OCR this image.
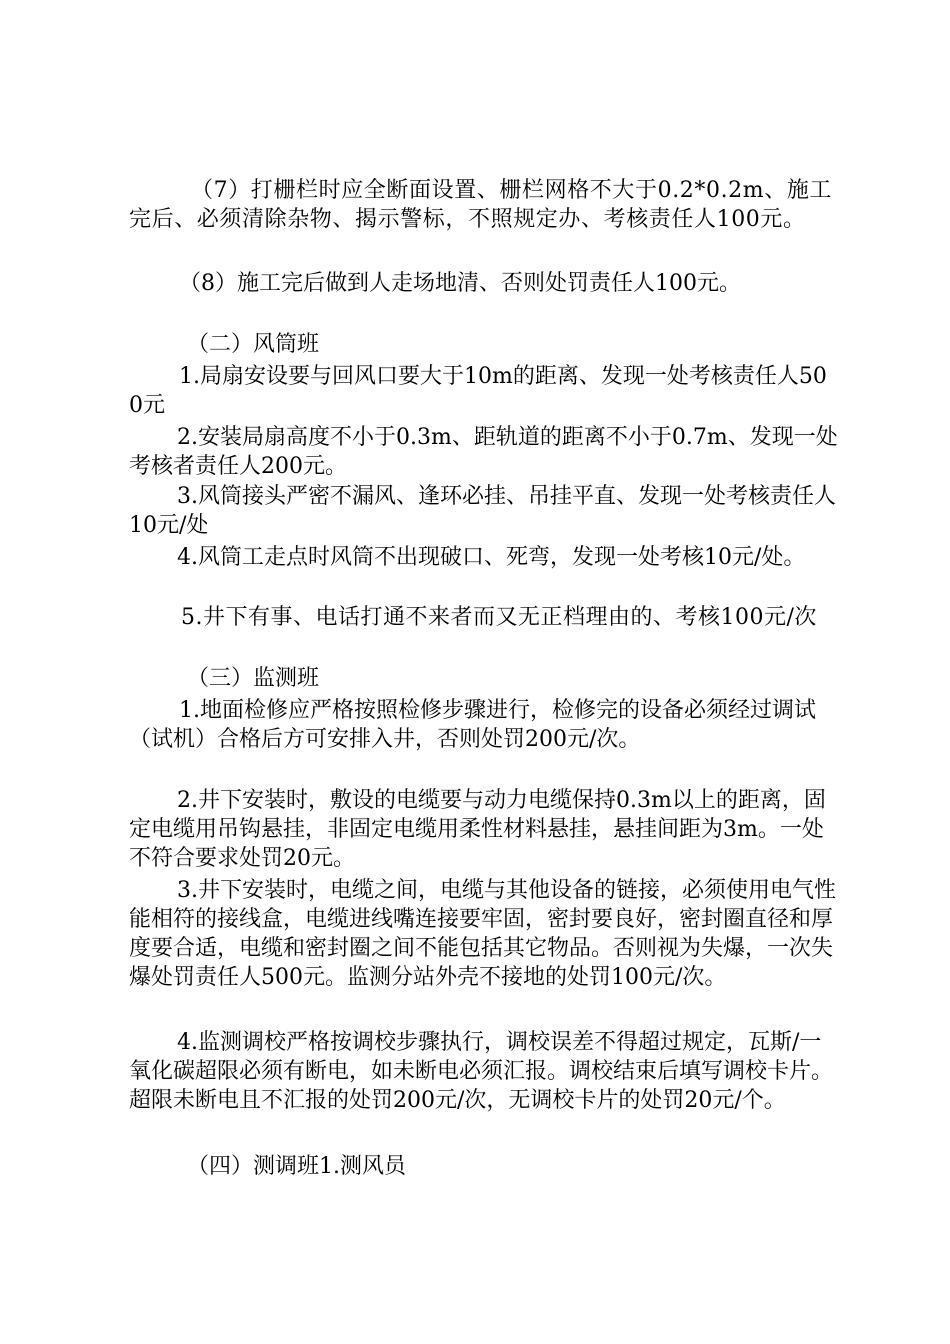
（7）打栅栏时应全断面设置、栅栏网格不大于0.2*0.2m、施工完后、必须清除杂物、揭示警标，不照规定办、考核责任人100元。

（8）施工完后做到人走场地清、否则处罚责任人100元。

（二）风筒班

1.局扇安设要与回风口要大于10m的距离、发现一处考核责任人500元

2.安装局扇高度不小于0.3m、距轨道的距离不小于0.7m、发现一处考核者责任人200元。

3.风筒接头严密不漏风、逢环必挂、吊挂平直、发现一处考核责任人10元/处

4.风筒工走点时风筒不出现破口、死弯，发现一处考核10元/处。

5.井下有事、电话打通不来者而又无正档理由的、考核100元/次

（三）监测班

1.地面检修应严格按照检修步骤进行，检修完的设备必须经过调试（试机）合格后方可安排入井，否则处罚200元/次。

2.井下安装时，敷设的电缆要与动力电缆保持0.3m以上的距离，固定电缆用吊钩悬挂，非固定电缆用柔性材料悬挂，悬挂间距为3m。一处不符合要求处罚20元。

3.井下安装时，电缆之间，电缆与其他设备的链接，必须使用电气性能相符的接线盒，电缆进线嘴连接要牢固，密封要良好，密封圈直径和厚度要合适，电缆和密封圈之间不能包括其它物品。否则视为失爆，一次失爆处罚责任人500元。监测分站外壳不接地的处罚100元/次。

4.监测调校严格按调校步骤执行，调校误差不得超过规定，瓦斯/一氧化碳超限必须有断电，如未断电必须汇报。调校结束后填写调校卡片。超限未断电且不汇报的处罚200元/次，无调校卡片的处罚20元/个。

（四）测调班1.测风员
